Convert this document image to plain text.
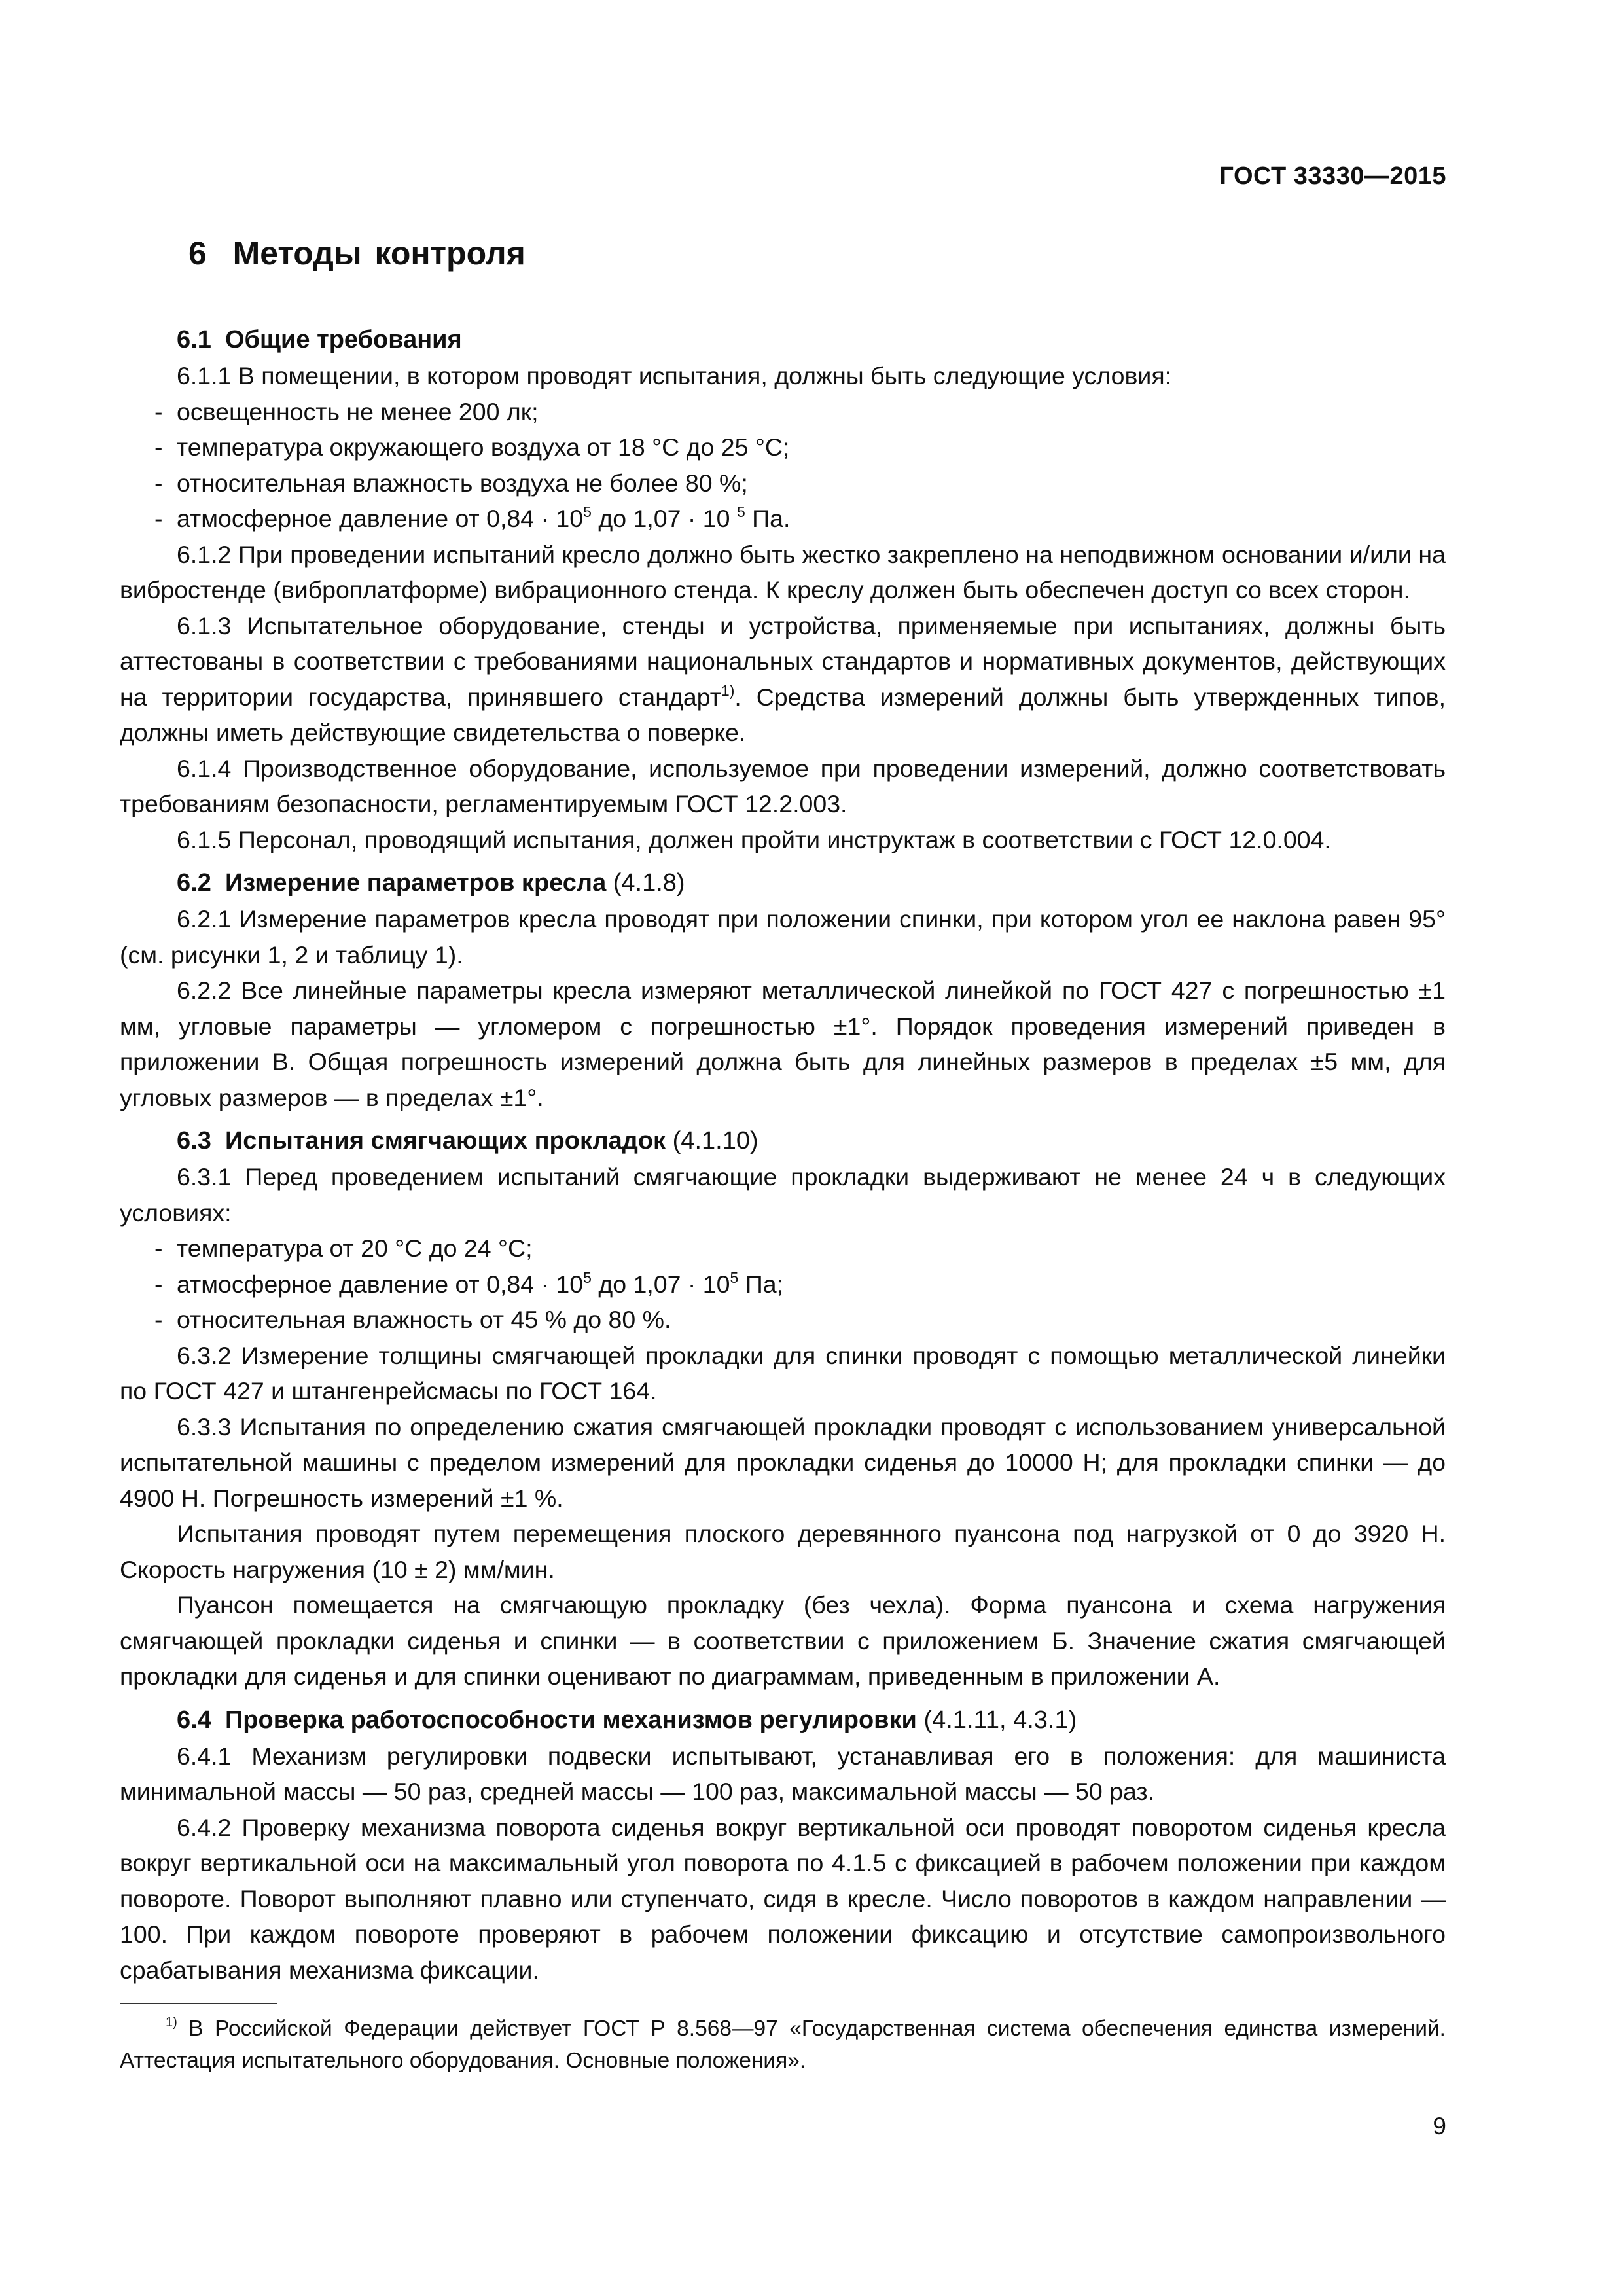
ГОСТ 33330—2015
6 Методы контроля
6.1 Общие требования

6.1.1 В помещении, в котором проводят испытания, должны быть следующие условия:

- освещенность не менее 200 лк;
- температура окружающего воздуха от 18 °С до 25 °С;
- относительная влажность воздуха не более 80 %;
- атмосферное давление от $0,84 \cdot 10^5$ до 1,07 · 10 $^5$ Па.

6.1.2 При проведении испытаний кресло должно быть жестко закреплено на неподвижном основании и/или на вибростенде (виброплатформе) вибрационного стенда. К креслу должен быть обеспечен доступ со всех сторон.

6.1.3 Испытательное оборудование, стенды и устройства, применяемые при испытаниях, должны быть аттестованы в соответствии с требованиями национальных стандартов и нормативных документов, действующих на территории государства, принявшего стандарт$^{1)}$. Средства измерений должны быть утвержденных типов, должны иметь действующие свидетельства о поверке.

6.1.4 Производственное оборудование, используемое при проведении измерений, должно соответствовать требованиям безопасности, регламентируемым ГОСТ 12.2.003.

6.1.5 Персонал, проводящий испытания, должен пройти инструктаж в соответствии с ГОСТ 12.0.004.

6.2 Измерение параметров кресла (4.1.8)

6.2.1 Измерение параметров кресла проводят при положении спинки, при котором угол ее наклона равен 95° (см. рисунки 1, 2 и таблицу 1).

6.2.2 Все линейные параметры кресла измеряют металлической линейкой по ГОСТ 427 с погрешностью ±1 мм, угловые параметры — угломером с погрешностью ±1°. Порядок проведения измерений приведен в приложении В. Общая погрешность измерений должна быть для линейных размеров в пределах ±5 мм, для угловых размеров — в пределах ±1°.

6.3 Испытания смягчающих прокладок (4.1.10)

6.3.1 Перед проведением испытаний смягчающие прокладки выдерживают не менее 24 ч в следующих условиях:

- температура от 20 °С до 24 °С;
- атмосферное давление от $0,84 \cdot 10^5$ до $1,07 \cdot 10^5$ Па;
- относительная влажность от 45 % до 80 %.

6.3.2 Измерение толщины смягчающей прокладки для спинки проводят с помощью металлической линейки по ГОСТ 427 и штангенрейсмасы по ГОСТ 164.

6.3.3 Испытания по определению сжатия смягчающей прокладки проводят с использованием универсальной испытательной машины с пределом измерений для прокладки сиденья до 10000 Н; для прокладки спинки — до 4900 Н. Погрешность измерений ±1 %.

Испытания проводят путем перемещения плоского деревянного пуансона под нагрузкой от 0 до 3920 Н. Скорость нагружения (10 ± 2) мм/мин.

Пуансон помещается на смягчающую прокладку (без чехла). Форма пуансона и схема нагружения смягчающей прокладки сиденья и спинки — в соответствии с приложением Б. Значение сжатия смягчающей прокладки для сиденья и для спинки оценивают по диаграммам, приведенным в приложении А.

6.4 Проверка работоспособности механизмов регулировки (4.1.11, 4.3.1)

6.4.1 Механизм регулировки подвески испытывают, устанавливая его в положения: для машиниста минимальной массы — 50 раз, средней массы — 100 раз, максимальной массы — 50 раз.

6.4.2 Проверку механизма поворота сиденья вокруг вертикальной оси проводят поворотом сиденья кресла вокруг вертикальной оси на максимальный угол поворота по 4.1.5 с фиксацией в рабочем положении при каждом повороте. Поворот выполняют плавно или ступенчато, сидя в кресле. Число поворотов в каждом направлении — 100. При каждом повороте проверяют в рабочем положении фиксацию и отсутствие самопроизвольного срабатывания механизма фиксации.

$^{1)}$ В Российской Федерации действует ГОСТ Р 8.568—97 «Государственная система обеспечения единства измерений. Аттестация испытательного оборудования. Основные положения».
9
